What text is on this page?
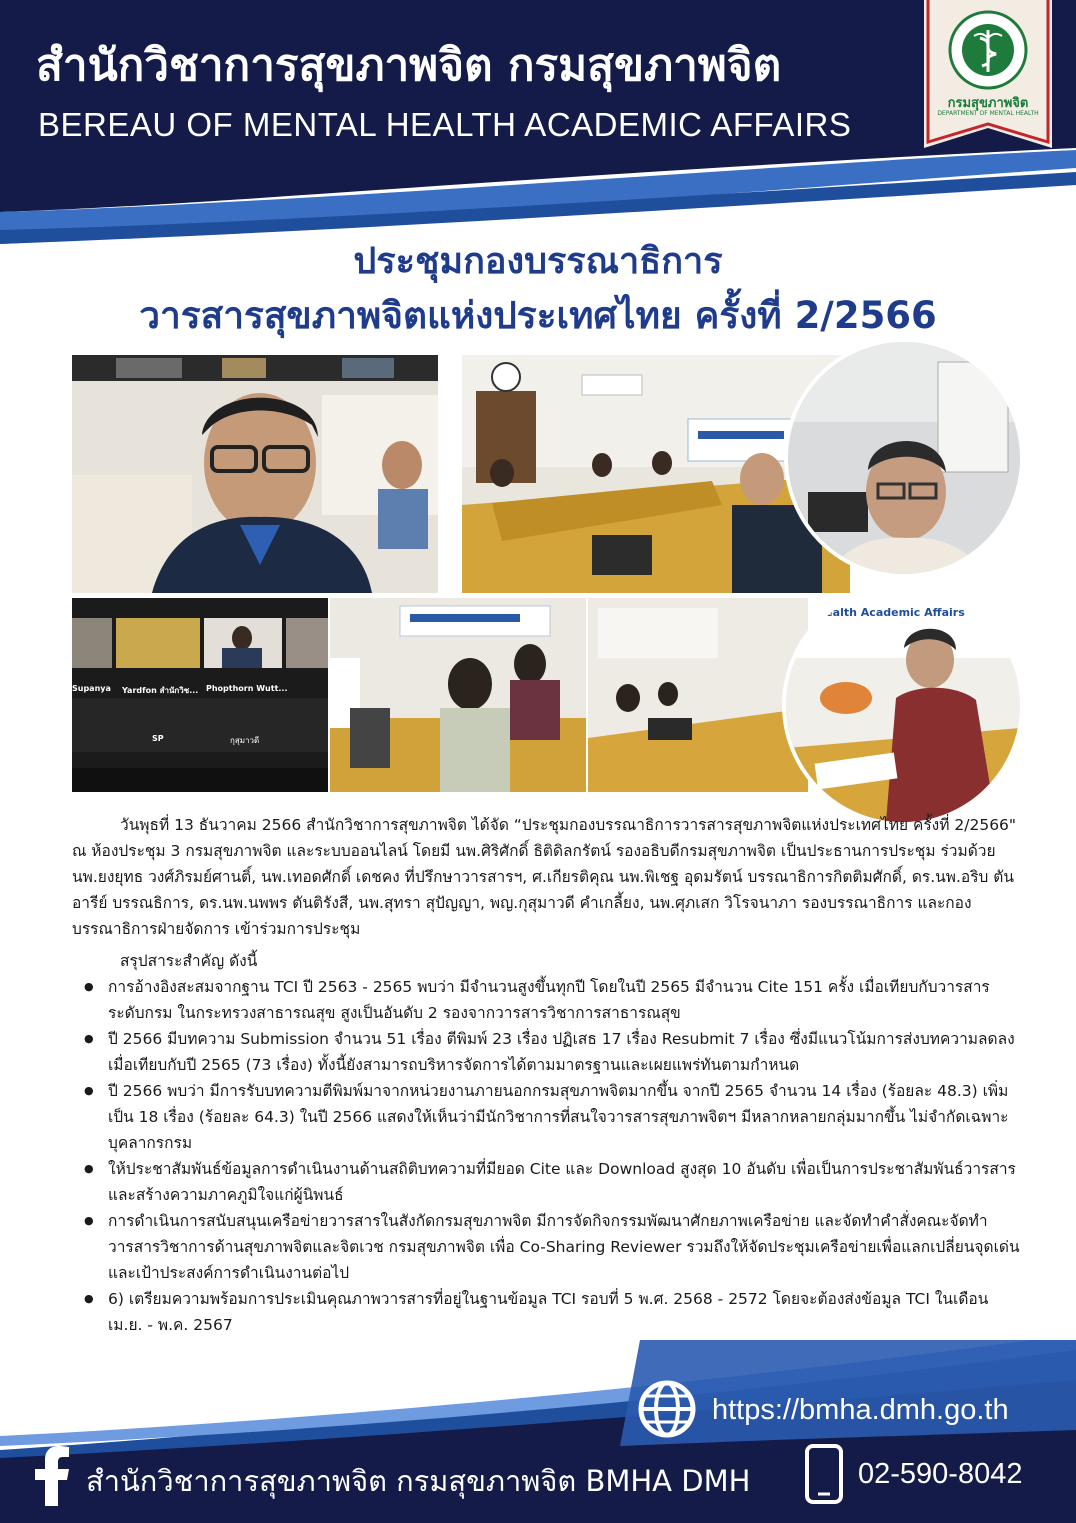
สำนักวิชาการสุขภาพจิต กรมสุขภาพจิต
BEREAU OF MENTAL HEALTH ACADEMIC AFFAIRS
กรมสุขภาพจิต
DEPARTMENT OF MENTAL HEALTH
ประชุมกองบรรณาธิการ
วารสารสุขภาพจิตแห่งประเทศไทย ครั้งที่ 2/2566
Supanya Yardfon สำนักวิช... Phopthorn Wutt...
SP	กุสุมาวดี
Health Academic Affairs

วันพุธที่ 13 ธันวาคม 2566 สำนักวิชาการสุขภาพจิต ได้จัด “ประชุมกองบรรณาธิการวารสารสุขภาพจิตแห่งประเทศไทย ครั้งที่ 2/2566" ณ ห้องประชุม 3 กรมสุขภาพจิต และระบบออนไลน์ โดยมี นพ.ศิริศักดิ์ ธิติดิลกรัตน์ รองอธิบดีกรมสุขภาพจิต เป็นประธานการประชุม ร่วมด้วย นพ.ยงยุทธ วงศ์ภิรมย์ศานติ์, นพ.เทอดศักดิ์ เดชคง ที่ปรึกษาวารสารฯ, ศ.เกียรติคุณ นพ.พิเชฐ อุดมรัตน์ บรรณาธิการกิตติมศักดิ์, ดร.นพ.อริบ ตันอารีย์ บรรณธิการ, ดร.นพ.นพพร ตันติรังสี, นพ.สุทรา สุปัญญา, พญ.กุสุมาวดี คำเกลี้ยง, นพ.ศุภเสก วิโรจนาภา รองบรรณาธิการ และกองบรรณาธิการฝ่ายจัดการ เข้าร่วมการประชุม

สรุปสาระสำคัญ ดังนี้
● การอ้างอิงสะสมจากฐาน TCI ปี 2563 - 2565 พบว่า มีจำนวนสูงขึ้นทุกปี โดยในปี 2565 มีจำนวน Cite 151 ครั้ง เมื่อเทียบกับวารสารระดับกรม ในกระทรวงสาธารณสุข สูงเป็นอันดับ 2 รองจากวารสารวิชาการสาธารณสุข
● ปี 2566 มีบทความ Submission จำนวน 51 เรื่อง ตีพิมพ์ 23 เรื่อง ปฏิเสธ 17 เรื่อง Resubmit 7 เรื่อง ซึ่งมีแนวโน้มการส่งบทความลดลงเมื่อเทียบกับปี 2565 (73 เรื่อง) ทั้งนี้ยังสามารถบริหารจัดการได้ตามมาตรฐานและเผยแพร่ทันตามกำหนด
● ปี 2566 พบว่า มีการรับบทความตีพิมพ์มาจากหน่วยงานภายนอกกรมสุขภาพจิตมากขึ้น จากปี 2565 จำนวน 14 เรื่อง (ร้อยละ 48.3) เพิ่มเป็น 18 เรื่อง (ร้อยละ 64.3) ในปี 2566 แสดงให้เห็นว่ามีนักวิชาการที่สนใจวารสารสุขภาพจิตฯ มีหลากหลายกลุ่มมากขึ้น ไม่จำกัดเฉพาะบุคลากรกรม
● ให้ประชาสัมพันธ์ข้อมูลการดำเนินงานด้านสถิติบทความที่มียอด Cite และ Download สูงสุด 10 อันดับ เพื่อเป็นการประชาสัมพันธ์วารสาร และสร้างความภาคภูมิใจแก่ผู้นิพนธ์
● การดำเนินการสนับสนุนเครือข่ายวารสารในสังกัดกรมสุขภาพจิต มีการจัดกิจกรรมพัฒนาศักยภาพเครือข่าย และจัดทำคำสั่งคณะจัดทำวารสารวิชาการด้านสุขภาพจิตและจิตเวช กรมสุขภาพจิต เพื่อ Co-Sharing Reviewer รวมถึงให้จัดประชุมเครือข่ายเพื่อแลกเปลี่ยนจุดเด่นและเป้าประสงค์การดำเนินงานต่อไป
● 6) เตรียมความพร้อมการประเมินคุณภาพวารสารที่อยู่ในฐานข้อมูล TCI รอบที่ 5 พ.ศ. 2568 - 2572 โดยจะต้องส่งข้อมูล TCI ในเดือน เม.ย. - พ.ค. 2567
https://bmha.dmh.go.th
สำนักวิชาการสุขภาพจิต กรมสุขภาพจิต BMHA DMH	02-590-8042
